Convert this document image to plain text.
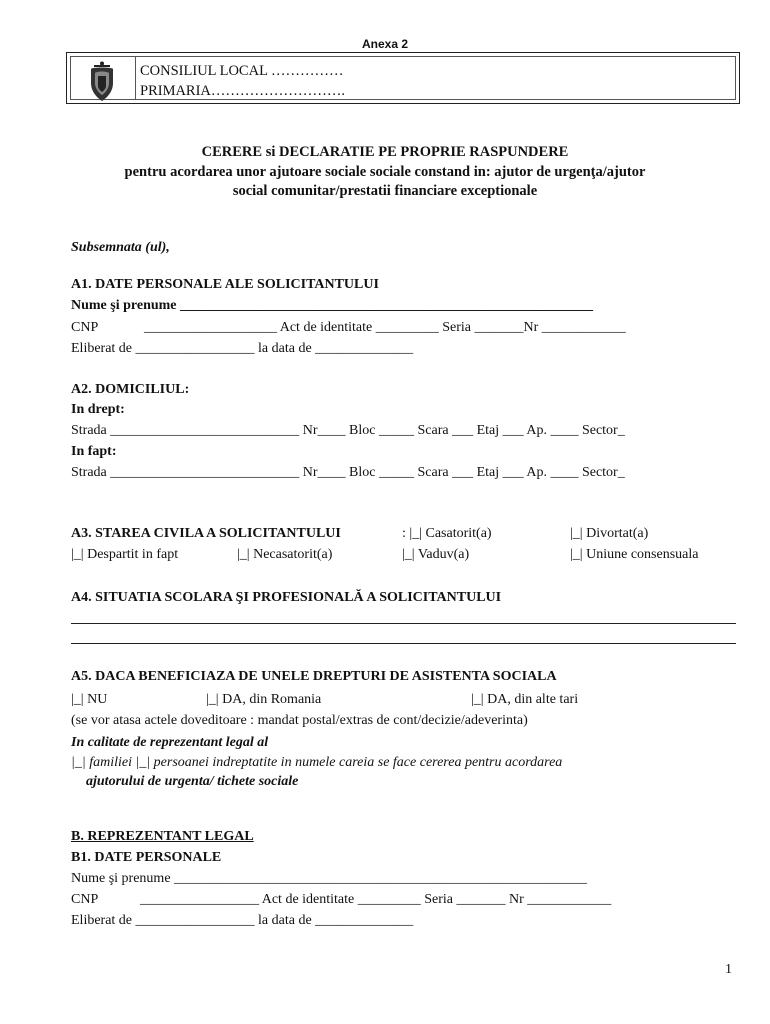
Anexa 2
CONSILIUL LOCAL ……………
PRIMARIA……………………….
CERERE si DECLARATIE PE PROPRIE RASPUNDERE
pentru acordarea unor ajutoare sociale sociale constand in: ajutor de urgenţa/ajutor
social comunitar/prestatii financiare exceptionale
Subsemnata (ul),
A1. DATE PERSONALE ALE SOLICITANTULUI
Nume şi prenume ___________________________________________________________
CNP	___________________ Act de identitate _________ Seria _______Nr ____________
Eliberat de _________________ la data de ______________
A2. DOMICILIUL:
In drept:
Strada ___________________________ Nr____ Bloc _____ Scara ___ Etaj ___ Ap. ____ Sector_
In fapt:
Strada ___________________________ Nr____ Bloc _____ Scara ___ Etaj ___ Ap. ____ Sector_
A3. STAREA CIVILA A SOLICITANTULUI	: |_| Casatorit(a)	|_| Divortat(a)
|_| Despartit in fapt	|_| Necasatorit(a)	|_| Vaduv(a)	|_| Uniune consensuala
A4. SITUATIA SCOLARA ŞI PROFESIONALĂ A SOLICITANTULUI
A5. DACA BENEFICIAZA DE UNELE DREPTURI DE ASISTENTA SOCIALA
|_| NU	|_| DA, din Romania	|_| DA, din alte tari
(se vor atasa actele doveditoare : mandat postal/extras de cont/decizie/adeverinta)
In calitate de reprezentant legal al
|_| familiei |_| persoanei indreptatite in numele careia se face cererea pentru acordarea
ajutorului de urgenta/ tichete sociale
B. REPREZENTANT LEGAL
B1. DATE PERSONALE
Nume şi prenume ___________________________________________________________
CNP	_________________ Act de identitate _________ Seria _______ Nr ____________
Eliberat de _________________ la data de ______________
1
